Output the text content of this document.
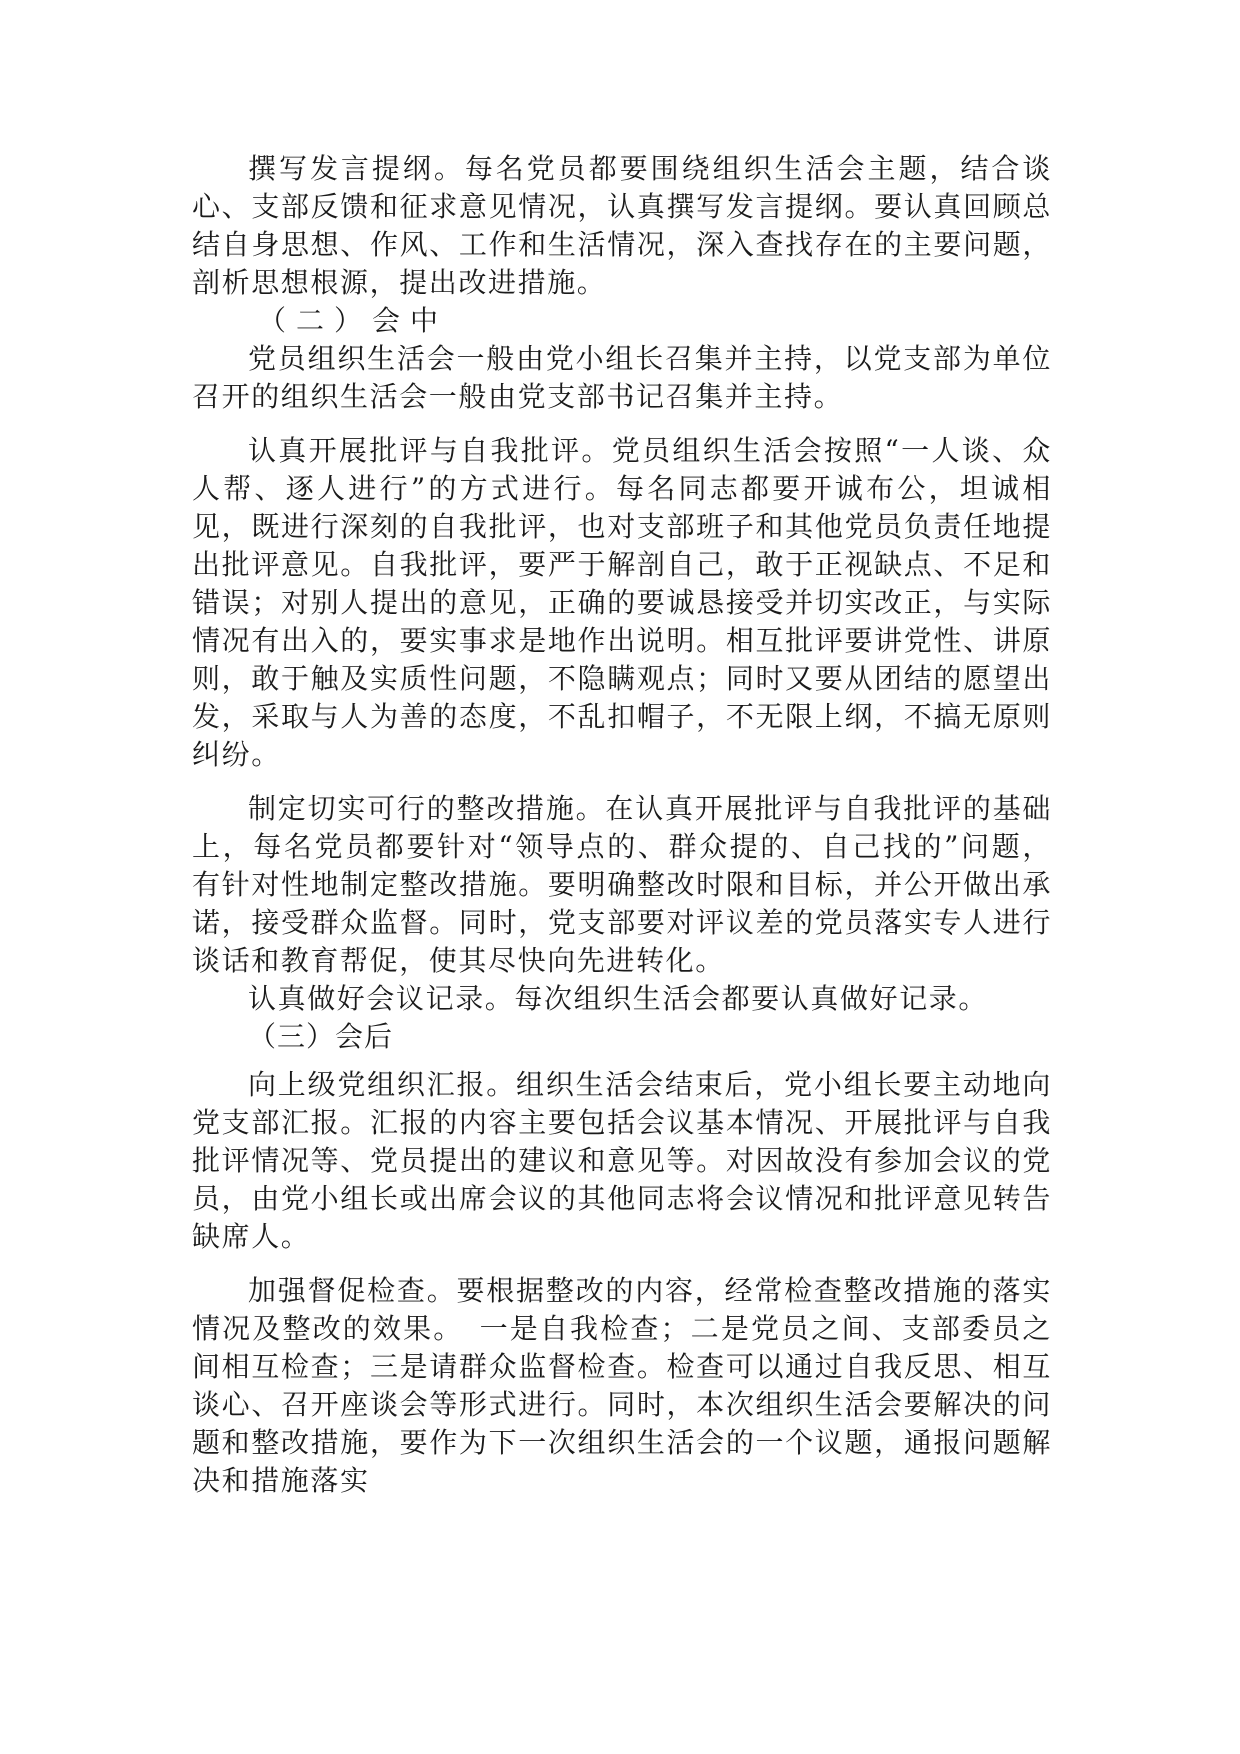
撰写发言提纲。每名党员都要围绕组织生活会主题，结合谈心、支部反馈和征求意见情况，认真撰写发言提纲。要认真回顾总结自身思想、作风、工作和生活情况，深入查找存在的主要问题，剖析思想根源，提出改进措施。

（二）会中

党员组织生活会一般由党小组长召集并主持，以党支部为单位召开的组织生活会一般由党支部书记召集并主持。

认真开展批评与自我批评。党员组织生活会按照“一人谈、众人帮、逐人进行”的方式进行。每名同志都要开诚布公，坦诚相见，既进行深刻的自我批评，也对支部班子和其他党员负责任地提出批评意见。自我批评，要严于解剖自己，敢于正视缺点、不足和错误；对别人提出的意见，正确的要诚恳接受并切实改正，与实际情况有出入的，要实事求是地作出说明。相互批评要讲党性、讲原则，敢于触及实质性问题，不隐瞒观点；同时又要从团结的愿望出发，采取与人为善的态度，不乱扣帽子，不无限上纲，不搞无原则纠纷。

制定切实可行的整改措施。在认真开展批评与自我批评的基础上，每名党员都要针对“领导点的、群众提的、自己找的”问题，有针对性地制定整改措施。要明确整改时限和目标，并公开做出承诺，接受群众监督。同时，党支部要对评议差的党员落实专人进行谈话和教育帮促，使其尽快向先进转化。

认真做好会议记录。每次组织生活会都要认真做好记录。

（三）会后

向上级党组织汇报。组织生活会结束后，党小组长要主动地向党支部汇报。汇报的内容主要包括会议基本情况、开展批评与自我批评情况等、党员提出的建议和意见等。对因故没有参加会议的党员，由党小组长或出席会议的其他同志将会议情况和批评意见转告缺席人。

加强督促检查。要根据整改的内容，经常检查整改措施的落实情况及整改的效果。　一是自我检查；二是党员之间、支部委员之间相互检查；三是请群众监督检查。检查可以通过自我反思、相互谈心、召开座谈会等形式进行。同时，本次组织生活会要解决的问题和整改措施，要作为下一次组织生活会的一个议题，通报问题解决和措施落实
